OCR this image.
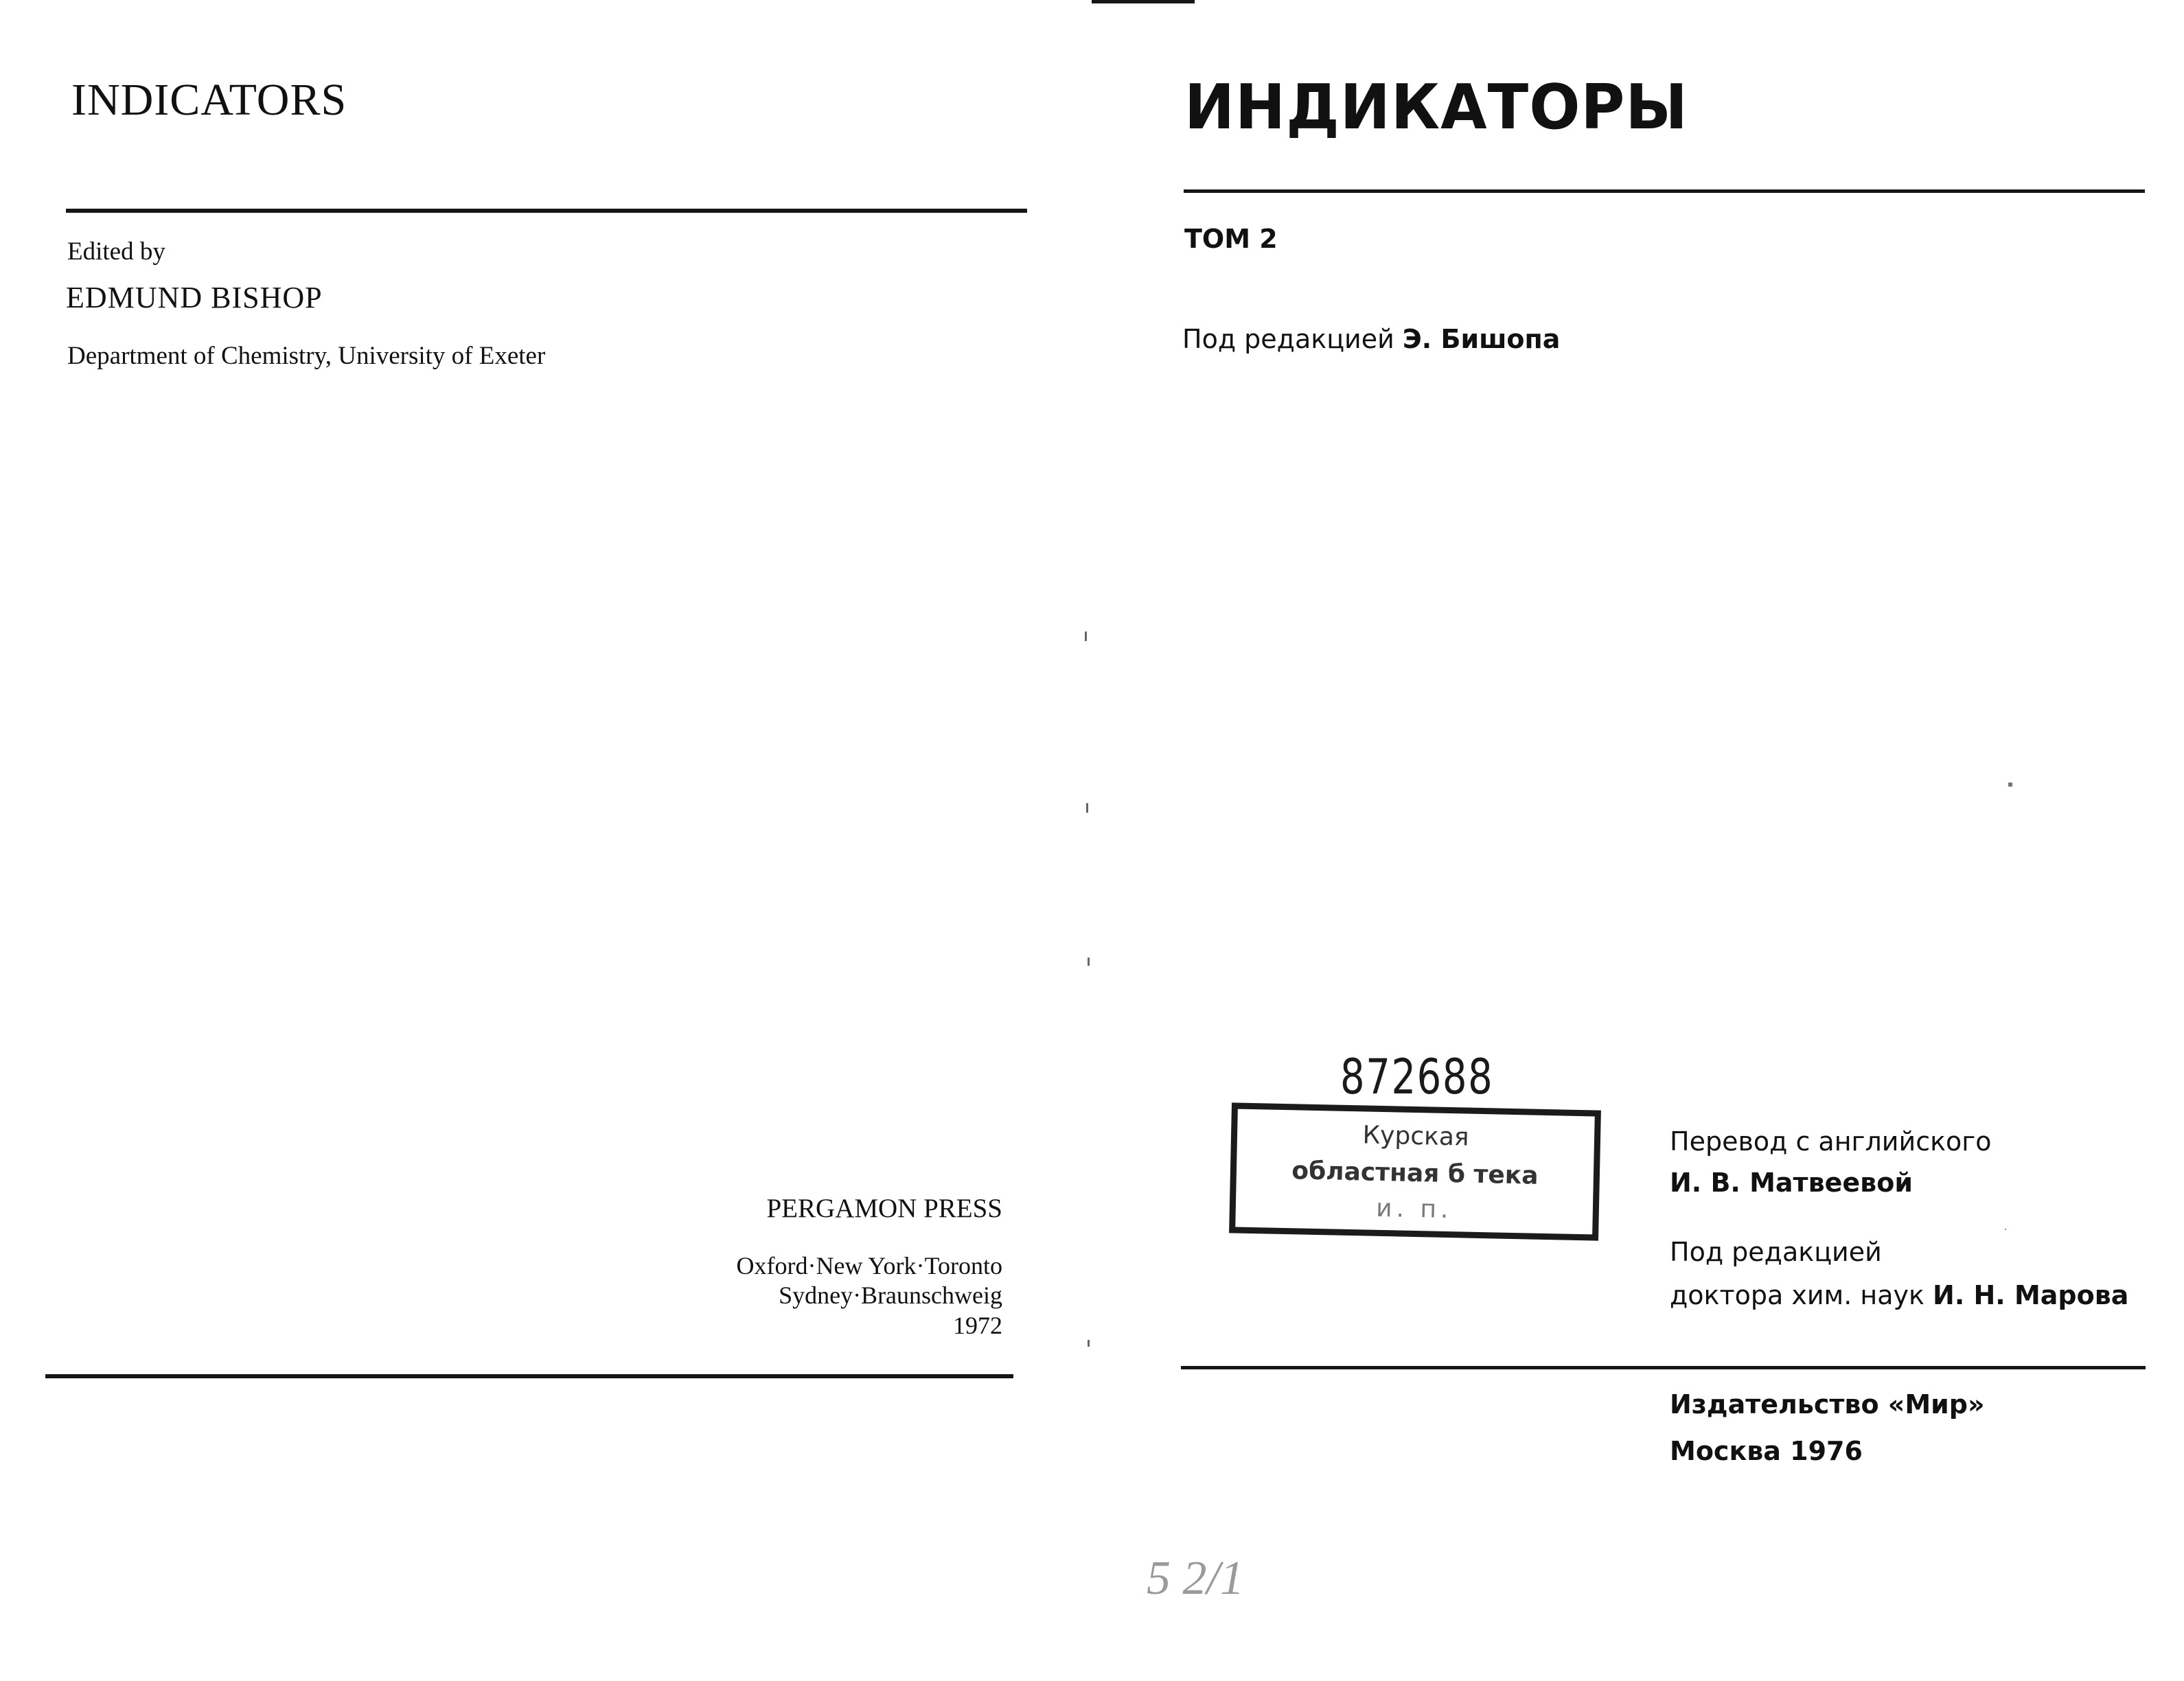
INDICATORS
Edited by
EDMUND BISHOP
Department of Chemistry, University of Exeter
PERGAMON PRESS
Oxford·New York·Toronto
Sydney·Braunschweig
1972
ИНДИКАТОРЫ
ТОМ 2
Под редакцией Э. Бишопа
872688
Курская
областная б тека
и. п.
Перевод с английского
И. В. Матвеевой
Под редакцией
доктора хим. наук И. Н. Марова
Издательство «Мир»
Москва 1976
5 2/1
